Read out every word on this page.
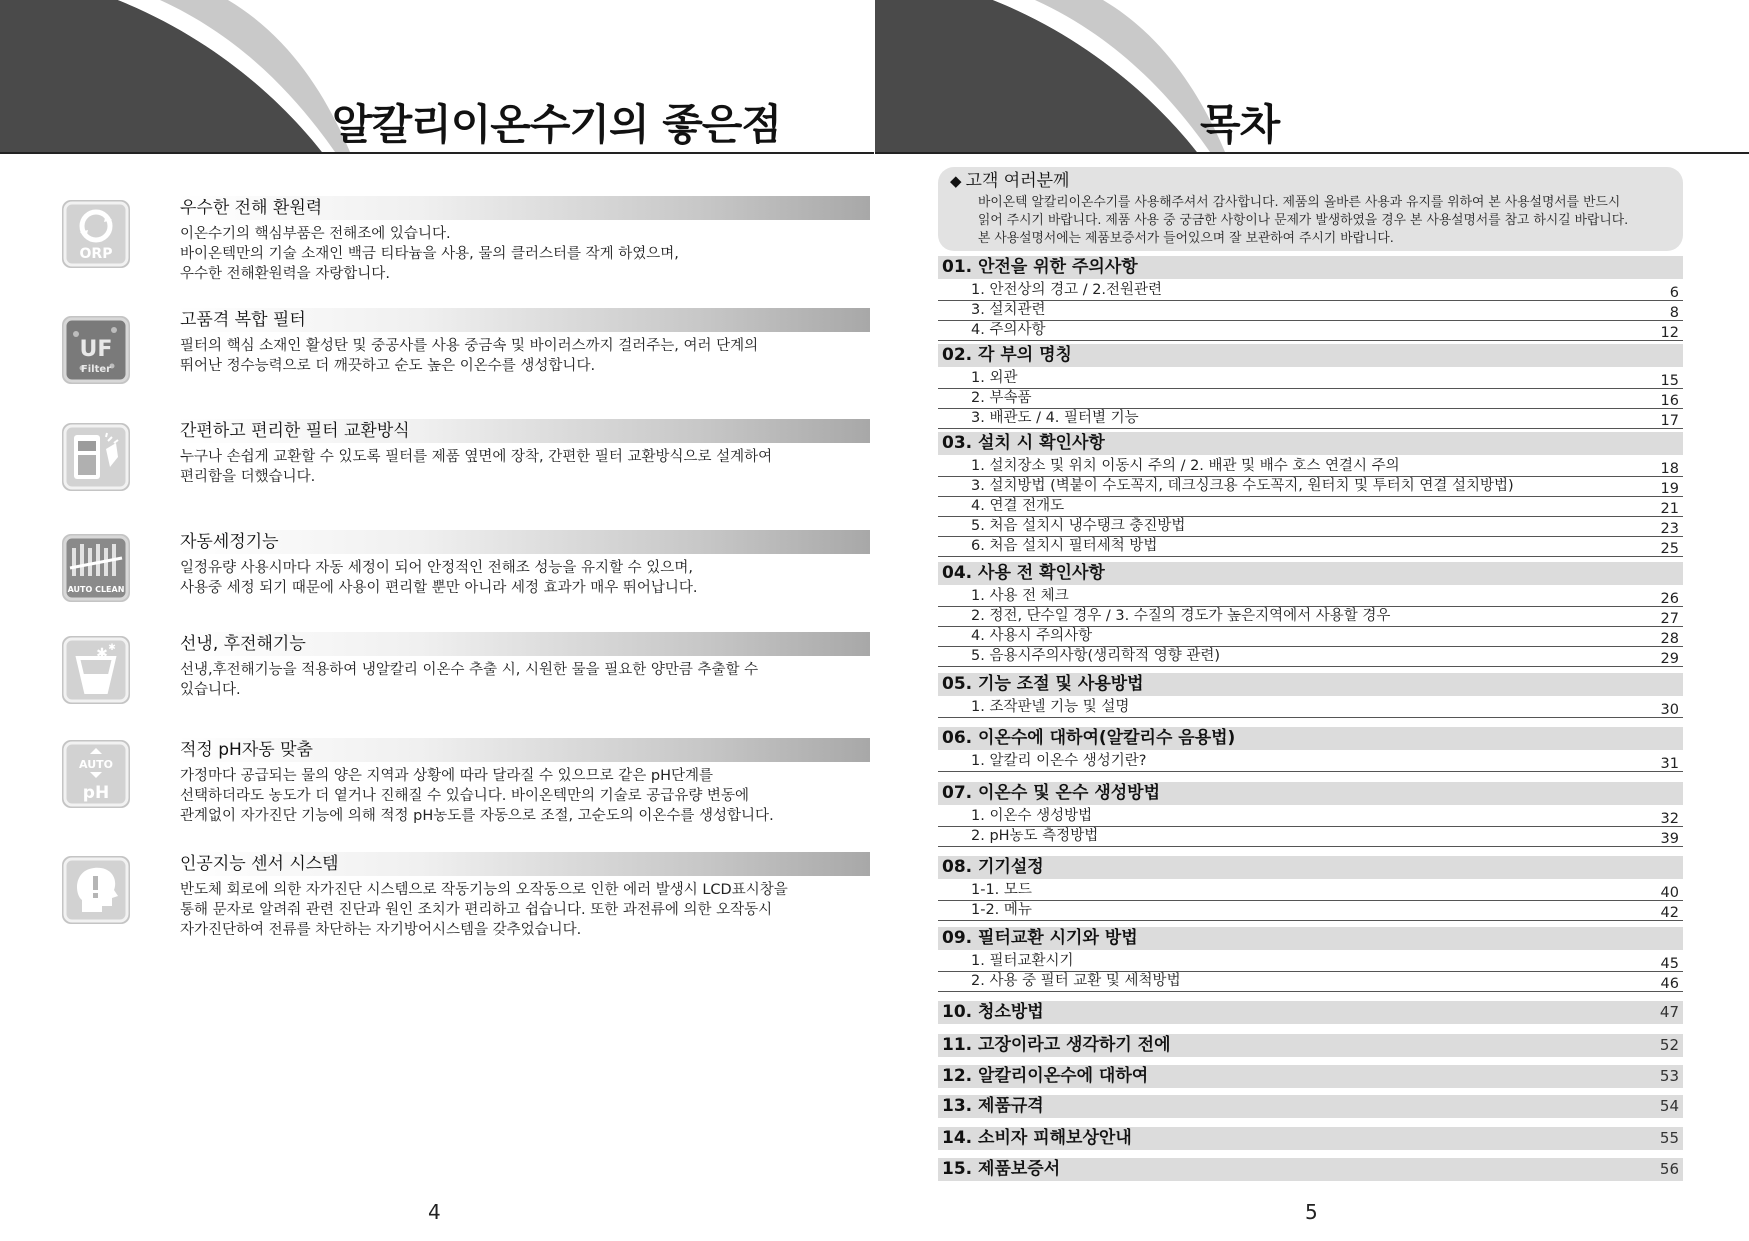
알칼리이온수기의 좋은점
ORP
우수한 전해 환원력
이온수기의 핵심부품은 전해조에 있습니다.
바이온텍만의 기술 소재인 백금 티타늄을 사용, 물의 클러스터를 작게 하였으며,
우수한 전해환원력을 자랑합니다.
UF
Filter
고품격 복합 필터
필터의 핵심 소재인 활성탄 및 중공사를 사용 중금속 및 바이러스까지 걸러주는, 여러 단계의
뛰어난 정수능력으로 더 깨끗하고 순도 높은 이온수를 생성합니다.
간편하고 편리한 필터 교환방식
누구나 손쉽게 교환할 수 있도록 필터를 제품 옆면에 장착, 간편한 필터 교환방식으로 설계하여
편리함을 더했습니다.
AUTO CLEAN
자동세정기능
일정유량 사용시마다 자동 세정이 되어 안정적인 전해조 성능을 유지할 수 있으며,
사용중 세정 되기 때문에 사용이 편리할 뿐만 아니라 세정 효과가 매우 뛰어납니다.
✱ ✱	선냉, 후전해기능
선냉,후전해기능을 적용하여 냉알칼리 이온수 추출 시, 시원한 물을 필요한 양만큼 추출할 수
있습니다.
AUTO
pH
적정 pH자동 맞춤
가정마다 공급되는 물의 양은 지역과 상황에 따라 달라질 수 있으므로 같은 pH단계를
선택하더라도 농도가 더 옅거나 진해질 수 있습니다. 바이온텍만의 기술로 공급유량 변동에
관계없이 자가진단 기능에 의해 적정 pH농도를 자동으로 조절, 고순도의 이온수를 생성합니다.
인공지능 센서 시스템
반도체 회로에 의한 자가진단 시스템으로 작동기능의 오작동으로 인한 에러 발생시 LCD표시창을
통해 문자로 알려줘 관련 진단과 원인 조치가 편리하고 쉽습니다. 또한 과전류에 의한 오작동시
자가진단하여 전류를 차단하는 자기방어시스템을 갖추었습니다.
4
목차
◆ 고객 여러분께
바이온텍 알칼리이온수기를 사용해주셔서 감사합니다. 제품의 올바른 사용과 유지를 위하여 본 사용설명서를 반드시
읽어 주시기 바랍니다. 제품 사용 중 궁금한 사항이나 문제가 발생하였을 경우 본 사용설명서를 참고 하시길 바랍니다.
본 사용설명서에는 제품보증서가 들어있으며 잘 보관하여 주시기 바랍니다.
01. 안전을 위한 주의사항
1. 안전상의 경고 / 2.전원관련	6
3. 설치관련	8
4. 주의사항	12
02. 각 부의 명칭
1. 외관	15
2. 부속품	16
3. 배관도 / 4. 필터별 기능	17
03. 설치 시 확인사항
1. 설치장소 및 위치 이동시 주의 / 2. 배관 및 배수 호스 연결시 주의	18
3. 설치방법 (벽붙이 수도꼭지, 데크싱크용 수도꼭지, 원터치 및 투터치 연결 설치방법)	19
4. 연결 전개도	21
5. 처음 설치시 냉수탱크 충진방법	23
6. 처음 설치시 필터세척 방법	25
04. 사용 전 확인사항
1. 사용 전 체크	26
2. 정전, 단수일 경우 / 3. 수질의 경도가 높은지역에서 사용할 경우	27
4. 사용시 주의사항	28
5. 음용시주의사항(생리학적 영향 관련)	29
05. 기능 조절 및 사용방법
1. 조작판넬 기능 및 설명	30
06. 이온수에 대하여(알칼리수 음용법)
1. 알칼리 이온수 생성기란?	31
07. 이온수 및 온수 생성방법
1. 이온수 생성방법	32
2. pH농도 측정방법	39
08. 기기설정
1-1. 모드	40
1-2. 메뉴	42
09. 필터교환 시기와 방법
1. 필터교환시기	45
2. 사용 중 필터 교환 및 세척방법	46
10. 청소방법	47
11. 고장이라고 생각하기 전에	52
12. 알칼리이온수에 대하여	53
13. 제품규격	54
14. 소비자 피해보상안내	55
15. 제품보증서	56
5
